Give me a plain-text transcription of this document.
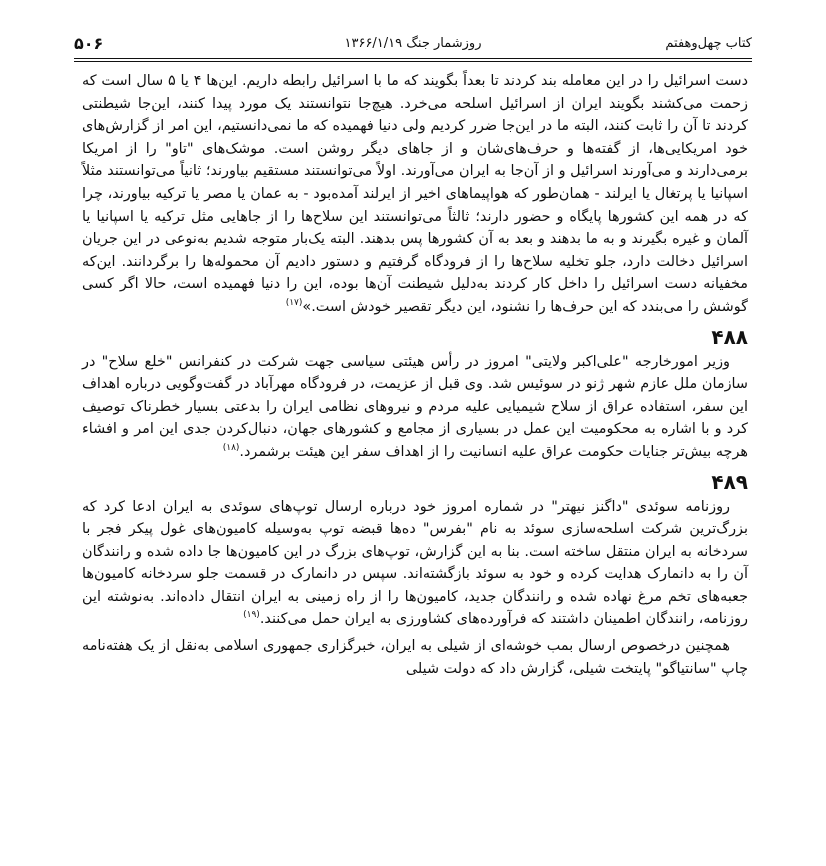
کتاب چهل‌وهفتم
روزشمار جنگ ۱۳۶۶/۱/۱۹
۵۰۶

دست اسرائیل را در این معامله بند کردند تا بعداً بگویند که ما با اسرائیل رابطه داریم. این‌ها ۴ یا ۵ سال است که زحمت می‌کشند بگویند ایران از اسرائیل اسلحه می‌خرد. هیچ‌جا نتوانستند یک مورد پیدا کنند، این‌جا شیطنتی کردند تا آن را ثابت کنند، البته ما در این‌جا ضرر کردیم ولی دنیا فهمیده که ما نمی‌دانستیم، این امر از گزارش‌های خود امریکایی‌ها، از گفته‌ها و حرف‌های‌شان و از جاهای دیگر روشن است. موشک‌های "تاو" را از امریکا برمی‌دارند و می‌آورند اسرائیل و از آن‌جا به ایران می‌آورند. اولاً می‌توانستند مستقیم بیاورند؛ ثانیاً می‌توانستند مثلاً اسپانیا یا پرتغال یا ایرلند - همان‌طور که هواپیماهای اخیر از ایرلند آمده‌بود - به عمان یا مصر یا ترکیه بیاورند، چرا که در همه این کشورها پایگاه و حضور دارند؛ ثالثاً می‌توانستند این سلاح‌ها را از جاهایی مثل ترکیه یا اسپانیا یا آلمان و غیره بگیرند و به ما بدهند و بعد به آن کشورها پس بدهند. البته یک‌بار متوجه شدیم به‌نوعی در این جریان اسرائیل دخالت دارد، جلو تخلیه سلاح‌ها را از فرودگاه گرفتیم و دستور دادیم آن محموله‌ها را برگردانند. این‌که مخفیانه دست اسرائیل را داخل کار کردند به‌دلیل شیطنت آن‌ها بوده، این را دنیا فهمیده است، حالا اگر کسی گوشش را می‌بندد که این حرف‌ها را نشنود، این دیگر تقصیر خودش است.»$^{(۱۷)}$

۴۸۸

وزیر امورخارجه "علی‌اکبر ولایتی" امروز در رأس هیئتی سیاسی جهت شرکت در کنفرانس "خلع سلاح" در سازمان ملل عازم شهر ژنو در سوئیس شد. وی قبل از عزیمت، در فرودگاه مهرآباد در گفت‌وگویی درباره اهداف این سفر، استفاده عراق از سلاح شیمیایی علیه مردم و نیروهای نظامی ایران را بدعتی بسیار خطرناک توصیف کرد و با اشاره به محکومیت این عمل در بسیاری از مجامع و کشورهای جهان، دنبال‌کردن جدی این امر و افشاء هرچه بیش‌تر جنایات حکومت عراق علیه انسانیت را از اهداف سفر این هیئت برشمرد.$^{(۱۸)}$

۴۸۹

روزنامه سوئدی "داگنز نیهتر" در شماره امروز خود درباره ارسال توپ‌های سوئدی به ایران ادعا کرد که بزرگ‌ترین شرکت اسلحه‌سازی سوئد به نام "بفرس" ده‌ها قبضه توپ به‌وسیله کامیون‌های غول پیکر فجر با سردخانه به ایران منتقل ساخته است. بنا به این گزارش، توپ‌های بزرگ در این کامیون‌ها جا داده شده و رانندگان آن را به دانمارک هدایت کرده و خود به سوئد بازگشته‌اند. سپس در دانمارک در قسمت جلو سردخانه کامیون‌ها جعبه‌های تخم مرغ نهاده شده و رانندگان جدید، کامیون‌ها را از راه زمینی به ایران انتقال داده‌اند. به‌نوشته این روزنامه، رانندگان اطمینان داشتند که فرآورده‌های کشاورزی به ایران حمل می‌کنند.$^{(۱۹)}$

همچنین درخصوص ارسال بمب خوشه‌ای از شیلی به ایران، خبرگزاری جمهوری اسلامی به‌نقل از یک هفته‌نامه چاپ "سانتیاگو" پایتخت شیلی، گزارش داد که دولت شیلی
